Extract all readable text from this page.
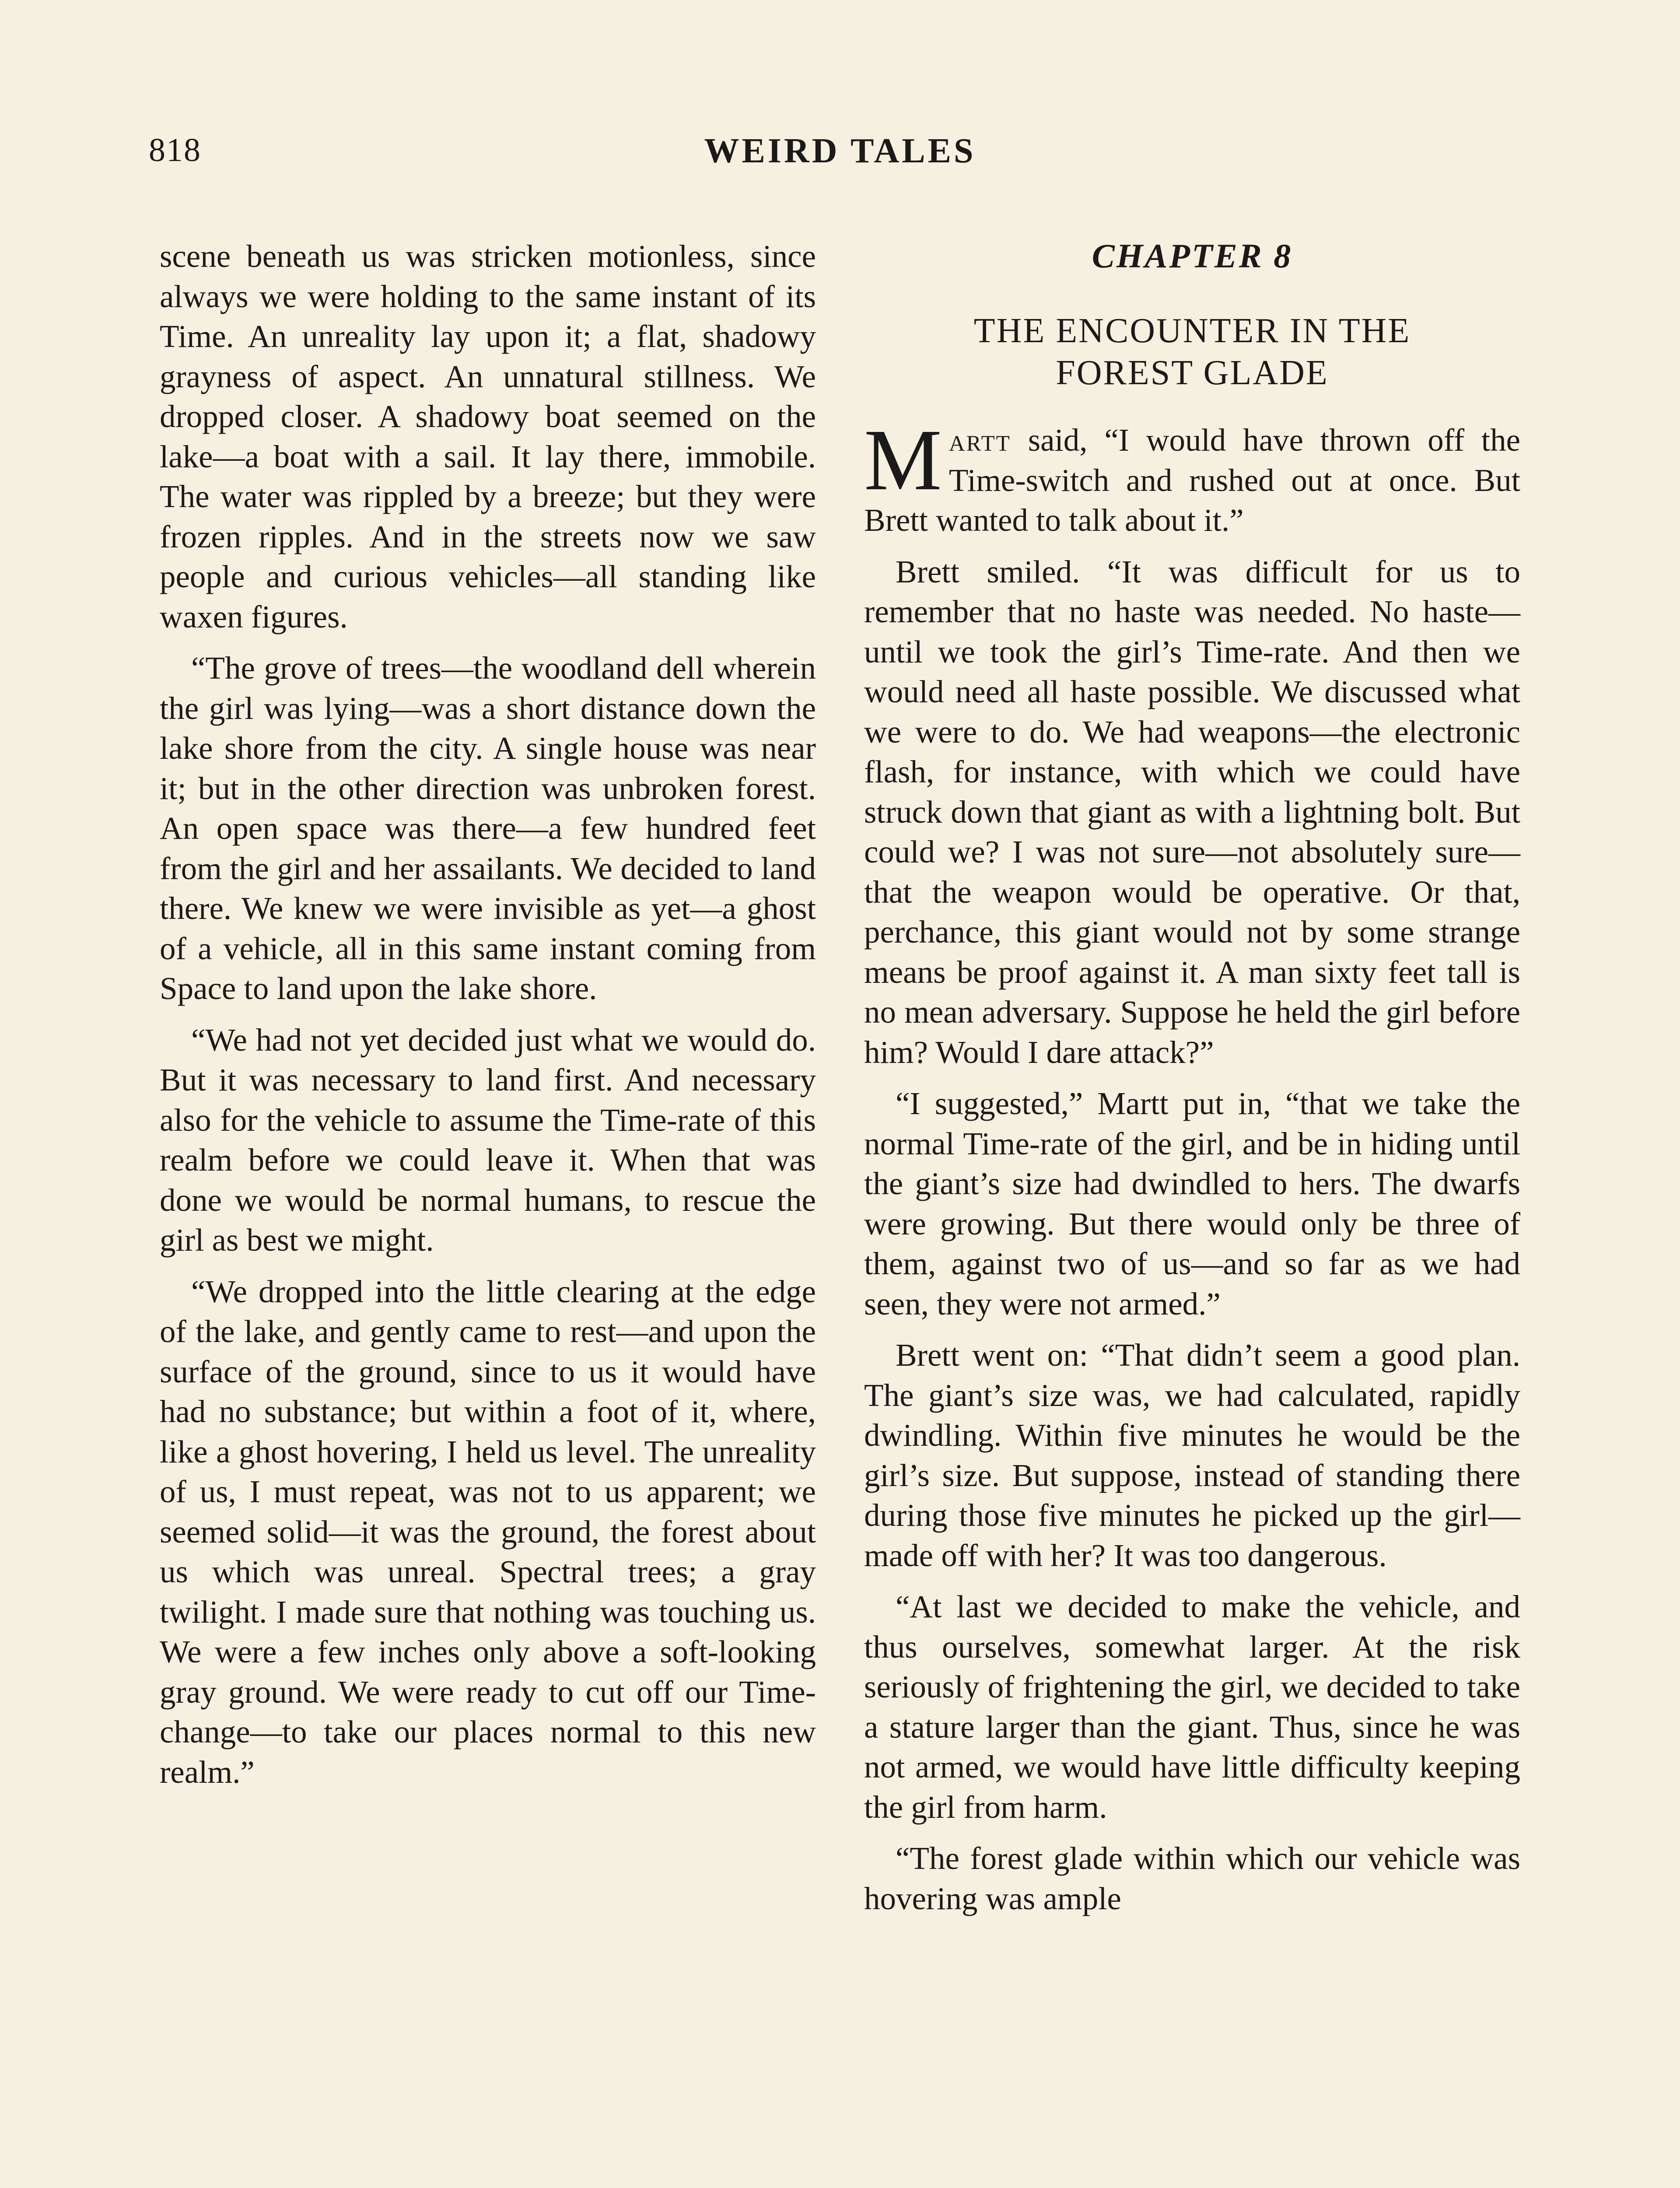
818	WEIRD TALES

scene beneath us was stricken motionless, since always we were holding to the same instant of its Time. An unreality lay upon it; a flat, shadowy grayness of aspect. An unnatural stillness. We dropped closer. A shadowy boat seemed on the lake—a boat with a sail. It lay there, immobile. The water was rippled by a breeze; but they were frozen ripples. And in the streets now we saw people and curious vehicles—all standing like waxen figures.

“The grove of trees—the woodland dell wherein the girl was lying—was a short distance down the lake shore from the city. A single house was near it; but in the other direction was unbroken forest. An open space was there—a few hundred feet from the girl and her assailants. We decided to land there. We knew we were invisible as yet—a ghost of a vehicle, all in this same instant coming from Space to land upon the lake shore.

“We had not yet decided just what we would do. But it was necessary to land first. And necessary also for the vehicle to assume the Time-rate of this realm before we could leave it. When that was done we would be normal humans, to rescue the girl as best we might.

“We dropped into the little clearing at the edge of the lake, and gently came to rest—and upon the surface of the ground, since to us it would have had no substance; but within a foot of it, where, like a ghost hovering, I held us level. The unreality of us, I must repeat, was not to us apparent; we seemed solid—it was the ground, the forest about us which was unreal. Spectral trees; a gray twilight. I made sure that nothing was touching us. We were a few inches only above a soft-looking gray ground. We were ready to cut off our Time-change—to take our places normal to this new realm.”

CHAPTER 8
THE ENCOUNTER IN THE FOREST GLADE

Martt said, “I would have thrown off the Time-switch and rushed out at once. But Brett wanted to talk about it.”

Brett smiled. “It was difficult for us to remember that no haste was needed. No haste—until we took the girl’s Time-rate. And then we would need all haste possible. We discussed what we were to do. We had weapons—the electronic flash, for instance, with which we could have struck down that giant as with a lightning bolt. But could we? I was not sure—not absolutely sure—that the weapon would be operative. Or that, perchance, this giant would not by some strange means be proof against it. A man sixty feet tall is no mean adversary. Suppose he held the girl before him? Would I dare attack?”

“I suggested,” Martt put in, “that we take the normal Time-rate of the girl, and be in hiding until the giant’s size had dwindled to hers. The dwarfs were growing. But there would only be three of them, against two of us—and so far as we had seen, they were not armed.”

Brett went on: “That didn’t seem a good plan. The giant’s size was, we had calculated, rapidly dwindling. Within five minutes he would be the girl’s size. But suppose, instead of standing there during those five minutes he picked up the girl—made off with her? It was too dangerous.

“At last we decided to make the vehicle, and thus ourselves, somewhat larger. At the risk seriously of frightening the girl, we decided to take a stature larger than the giant. Thus, since he was not armed, we would have little difficulty keeping the girl from harm.

“The forest glade within which our vehicle was hovering was ample
